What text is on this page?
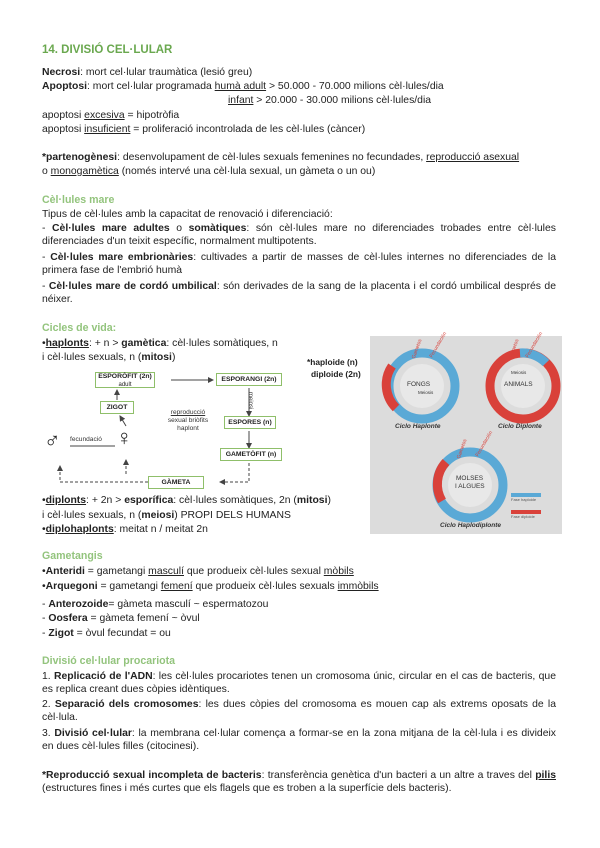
14. DIVISIÓ CEL·LULAR
Necrosi: mort cel·lular traumàtica (lesió greu)
Apoptosi: mort cel·lular programada humà adult > 50.000 - 70.000 milions cèl·lules/dia
infant > 20.000 - 30.000 milions cèl·lules/dia
apoptosi excesiva = hipotròfia
apoptosi insuficient = proliferació incontrolada de les cèl·lules (càncer)
*partenogènesi: desenvolupament de cèl·lules sexuals femenines no fecundades, reproducció asexual
o monogamètica (només intervé una cèl·lula sexual, un gàmeta o un ou)
Cèl·lules mare
Tipus de cèl·lules amb la capacitat de renovació i diferenciació:
- Cèl·lules mare adultes o somàtiques: són cèl·lules mare no diferenciades trobades entre cèl·lules diferenciades d'un teixit específic, normalment multipotents.
- Cèl·lules mare embrionàries: cultivades a partir de masses de cèl·lules internes no diferenciades de la primera fase de l'embrió humà
- Cèl·lules mare de cordó umbilical: són derivades de la sang de la placenta i el cordó umbilical després de néixer.
Cicles de vida:
•haplonts: + n > gamètica: cèl·lules somàtiques, n
i cèl·lules sexuals, n (mitosi)	*haploide (n)
diploide (2n)
ESPORÒFIT (2n)
adult
ESPORANGI (2n)
ZIGOT	meiosi
reproducció
sexual briòfits
haplont
ESPORES (n)
♂	♀
fecundació
GAMETÒFIT (n)
GÀMETA
FONGS	ANIMALS
MOLSES
I ALGUES
Ciclo Haplonte	Ciclo Diplonte
Ciclo Haplodiplonte
Gametos Fecundación
Meiosis
Gametos Fecundación
Meiosis
Gametos Fecundación
Fase haploide
Fase diploide
•diplonts: + 2n > esporífica: cèl·lules somàtiques, 2n (mitosi)
i cèl·lules sexuals, n (meiosi) PROPI DELS HUMANS
•diplohaplonts: meitat n / meitat 2n
Gametangis
•Anteridi = gametangi masculí que produeix cèl·lules sexual mòbils
•Arquegoni = gametangi femení que produeix cèl·lules sexuals immòbils
- Anterozoide= gàmeta masculí ~ espermatozou
- Oosfera = gàmeta femení ~ òvul
- Zigot = òvul fecundat = ou
Divisió cel·lular procariota
1. Replicació de l'ADN: les cèl·lules procariotes tenen un cromosoma únic, circular en el cas de bacteris, que es replica creant dues còpies idèntiques.
2. Separació dels cromosomes: les dues còpies del cromosoma es mouen cap als extrems oposats de la cèl·lula.
3. Divisió cel·lular: la membrana cel·lular comença a formar-se en la zona mitjana de la cèl·lula i es divideix en dues cèl·lules filles (citocinesi).
*Reproducció sexual incompleta de bacteris: transferència genètica d'un bacteri a un altre a traves del pilis (estructures fines i més curtes que els flagels que es troben a la superfície dels bacteris).
